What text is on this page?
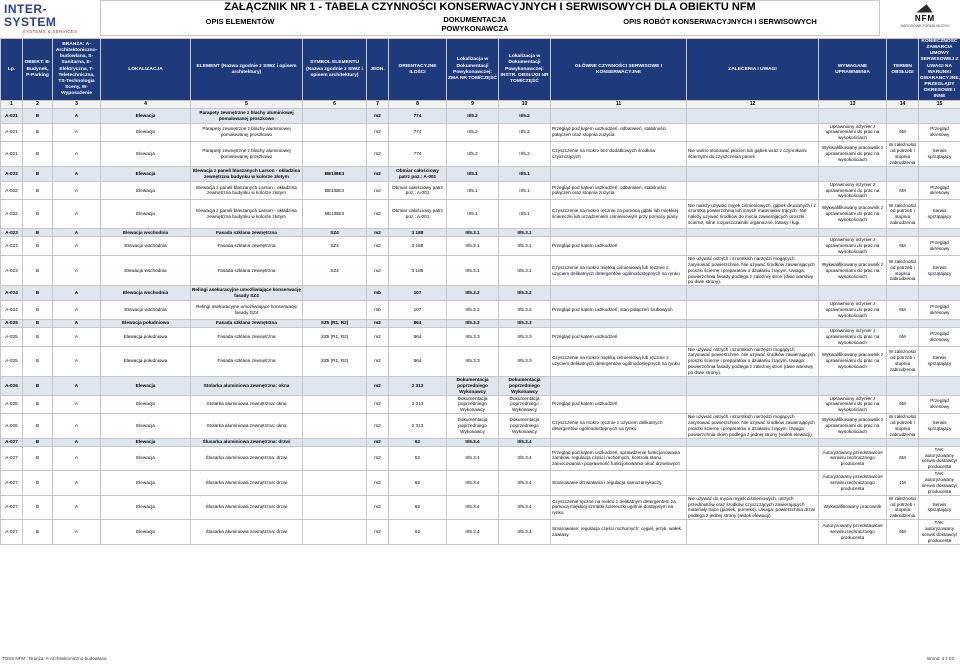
INTER-SYSTEM
SYSTEMS & SERVICES
ZAŁĄCZNIK NR 1 - TABELA CZYNNOŚCI KONSERWACYJNYCH I SERWISOWYCH DLA OBIEKTU NFM
OPIS ELEMENTÓW	DOKUMENTACJA
POWYKONAWCZA
OPIS ROBÓT KONSERWACYJNYCH I SERWISOWYCH
◢◣
NFM
NARODOWE FORUM MUZYKI
Lp.	OBIEKT: B-Budynek, P-Parking	BRANŻA: A-Architektoniczno-budowlana, S-Sanitarna, E-Elektryczna, T-Teletechniczna, TS-Technologia Sceny, W-Wyposażenie	LOKALIZACJA	ELEMENT (Nazwa zgodnie z SIWZ i opisem architektury)	SYMBOL ELEMENTU (Nazwa zgodnie z SIWZ i opisem architektury)	JEDN.	ORIENTACYJNE ILOŚCI	Lokalizacja w Dokumentacji Powykonawczej: ZMA NR TOM/CZĘŚĆ	Lokalizacja w Dokumentacji Powykonawczej: INSTR. OBSŁUGI NR TOM/CZĘŚĆ	GŁÓWNE CZYNNOŚCI SERWISOWE I KONSERWACYJNE	ZALECENIA I UWAGI	WYMAGANE UPRAWNIENIA	TERMIN OBSŁUGI	KONIECZNOŚĆ ZAWARCIA UMOWY SERWISOWEJ Z UWAGI NA WARUNKI GWARANCYJNE, PRZEGLĄDY OKRESOWE I INNE
1	2	3	4	5	6	7	8	9	10	11	12	13	14	15
A-021	B	A	Elewacja	Parapety zewnętrzne z blachy aluminiowej pomalowanej proszkowo		m2	774	II/5.2	II/5.2					
A-021	B	A	Elewacja	Parapety zewnętrzne z blachy aluminiowej pomalowanej proszkowo		m2	774	II/5.2	II/5.2	Przegląd pod kątem uszkodzeń, odbarwień, stabilności połączeń oraz stopnia zużycia		Uprawniony inżynier z uprawnieniami do prac na wysokościach	6M	Przegląd okresowy
A-021	B	A	Elewacja	Parapety zewnętrzne z blachy aluminiowej pomalowanej proszkowo		m2	774	II/5.2	II/5.2	Czyszczenie na mokro bez dodatkowych środków czyszczących	Nie wolno stosować płócien lub gąbek wraz z czynnikami ściernymi do czyszczenia paneli	Wykwalifikowany pracownik z uprawnieniami do prac na wysokościach	W zależności od potrzeb i stopnia zabrudzenia	Serwis sprzątający
A-022	B	A	Elewacja	Elewacja z paneli blaszanych Larson - okładzina zewnętrzna budynku w kolorze złotym	BE1/BE3	m2	Obmiar całościowy patrz poz.: A-001	II/5.1	II/5.1					
A-022	B	A	Elewacja	Elewacja z paneli blaszanych Larson - okładzina zewnętrzna budynku w kolorze złotym	BE1/BE3	m2	Obmiar całościowy patrz poz.: A-001	II/5.1	II/5.1	Przegląd pod kątem uszkodzeń, odbarwień, stabilności połączeń oraz stopnia zużycia		Uprawniony inżynier z uprawnieniami do prac na wysokościach	6M	Przegląd okresowy
A-022	B	A	Elewacja	Elewacja z paneli blaszanych Larson - okładzina zewnętrzna budynku w kolorze złotym	BE1/BE3	m2	Obmiar całościowy patrz poz.: A-001	II/5.1	II/5.1	Czyszczenie na mokro ręcznie za pomocą gąbki lub miękkiej ściereczki lub urządzeniem ciśnieniowym przy pomocy piany	Nie należy używać myjek ciśnieniowych, gąbek drucianych i z szorstką powierzchnią lub innych materiałów trących. Nie należy używać środków do mycia zawierających proszki ścierne, silne rozpuszczalniki organiczne, kwasy i ługi.	Wykwalifikowany pracownik z uprawnieniami do prac na wysokościach	W zależności od potrzeb i stopnia zabrudzenia	Serwis sprzątający
A-023	B	A	Elewacja wschodnia	Fasada szklana zewnętrzna	SZ4	m2	3 188	II/5.3.1	II/5.3.1					
A-023	B	A	Elewacja wschodnia	Fasada szklana zewnętrzna	SZ4	m2	3 188	II/5.3.1	II/5.3.1	Przegląd pod kątem uszkodzeń		Uprawniony inżynier z uprawnieniami do prac na wysokościach	6M	Przegląd okresowy
A-023	B	A	Elewacja wschodnia	Fasada szklana zewnętrzna	SZ4	m2	3 188	II/5.3.1	II/5.3.1	Czyszczenie na mokro miękką ciśnieniową lub ręcznie z użyciem delikatnych detergentów ogólnodostępnych na rynku	Nie używać ostrych i szorstkich narzędzi mogących zarysować powierzchnie. Nie używać środków zawierających proszki ścierne i preparatów o działaniu żrącym. Uwaga: powierzchnia fasady podlega z zależnej stron (dwie warstwy po dwie strony).	Wykwalifikowany pracownik z uprawnieniami do prac na wysokościach	W zależności od potrzeb i stopnia zabrudzenia	Serwis sprzątający
A-024	B	A	Elewacja wschodnia	Relingi asekuracyjne umożliwiające konserwację fasady SZ4		mb	107	II/5.3.2	II/5.3.2					
A-024	B	A	Elewacja wschodnia	Relingi asekuracyjne umożliwiające konserwację fasady SZ4		mb	107	II/5.3.2	II/5.3.2	Przegląd pod kątem uszkodzeń, stan połączeń śrubowych		Uprawniony inżynier z uprawnieniami do prac na wysokościach	6M	Przegląd okresowy
A-025	B	A	Elewacja południowa	Fasada szklana zewnętrzna	SZ5 (R1, R2)	m2	864	II/5.3.3	II/5.3.3					
A-025	B	A	Elewacja południowa	Fasada szklana zewnętrzna	SZ5 (R1, R2)	m2	864	II/5.3.3	II/5.3.3	Przegląd pod kątem uszkodzeń		Uprawniony inżynier z uprawnieniami do prac na wysokościach	6M	Przegląd okresowy
A-025	B	A	Elewacja południowa	Fasada szklana zewnętrzna	SZ5 (R1, R2)	m2	864	II/5.3.3	II/5.3.3	Czyszczenie na mokro miękką ciśnieniową lub ręcznie z użyciem delikatnych detergentów ogólnodostępnych na rynku	Nie używać ostrych i szorstkich narzędzi mogących zarysować powierzchnie. Nie używać środków zawierających proszki ścierne i preparatów o działaniu żrącym. Uwaga: powierzchnia fasady podlega z zależnej stron (dwie warstwy po dwie strony).	Wykwalifikowany pracownik z uprawnieniami do prac na wysokościach	W zależności od potrzeb i stopnia zabrudzenia	Serwis sprzątający
A-026	B	A	Elewacja	Stolarka aluminiowa zewnętrzna: okna		m2	2 313	Dokumentacja poprzedniego Wykonawcy	Dokumentacja poprzedniego Wykonawcy					
A-026	B	A	Elewacja	Stolarka aluminiowa zewnętrzna: okna		m2	2 313	Dokumentacja poprzedniego Wykonawcy	Dokumentacja poprzedniego Wykonawcy	Przegląd pod kątem uszkodzeń		Uprawniony inżynier z uprawnieniami do prac na wysokościach	6M	Przegląd okresowy
A-026	B	A	Elewacja	Stolarka aluminiowa zewnętrzna: okna		m2	2 313	Dokumentacja poprzedniego Wykonawcy	Dokumentacja poprzedniego Wykonawcy	Czyszczenie na mokro ręcznie z użyciem delikatnych detergentów ogólnodostępnych na rynku	Nie używać ostrych i szorstkich narzędzi mogących zarysować powierzchnie. Nie używać środków zawierających proszki ścierne i preparatów o działaniu żrącym. Uwaga: powierzchnia okien podlega z jednej strony (widok elewacji)	Wykwalifikowany pracownik z uprawnieniami do prac na wysokościach	W zależności od potrzeb i stopnia zabrudzenia	Serwis sprzątający
A-027	B	A	Elewacja	Ślusarka aluminiowa zewnętrzna: drzwi		m2	62	II/5.3.4	II/5.3.4					
A-027	B	A	Elewacja	Ślusarka aluminiowa zewnętrzna: drzwi		m2	62	II/5.3.4	II/5.3.4	Przegląd pod kątem uszkodzeń, sprawdzenie funkcjonowania zamków, regulacja części ruchomych, kontrola stanu zamocowania i poprawność funkcjonowania okuć drzwiowych		Autoryzowany przedstawiciel serwisu technicznego producenta	6M	TAK: autoryzowany serwis dostawcy/ producenta
A-027	B	A	Elewacja	Ślusarka aluminiowa zewnętrzna: drzwi		m2	62	II/5.3.4	II/5.3.4	Smarowanie drzwiałania i regulacja samozamykaczy		Autoryzowany przedstawiciel serwisu technicznego producenta	1M	TAK: autoryzowany serwis dostawcy/ producenta
A-027	B	A	Elewacja	Ślusarka aluminiowa zewnętrzna: drzwi		m2	62	II/5.3.4	II/5.3.4	Czyszczenie ręczne na mokro z delikatnym detergentem za pomocą miękkiej szmatki ściereczki ogólnie dostępnym na rynku	Nie używać do mycia myjek ciśnieniowych, ostrych przedmiotów oraz środków czyszczących zawierających materiały trące (piasek, pumeks). Uwaga: powierzchnia drzwi podlega z jednej strony (widok elewacji)	Wykwalifikowany pracownik	W zależności od potrzeb i stopnia zabrudzenia	Serwis sprzątający
A-027	B	A	Elewacja	Ślusarka aluminiowa zewnętrzna: drzwi		m2	62	II/5.3.4	II/5.3.4	Smarowanie: regulacja części ruchomych: cęgiel, jezyk, wałek, zawiasy		Autoryzowany przedstawiciel serwisu technicznego producenta	6M	TAK: autoryzowany serwis dostawcy/ producenta
TOSS NFM - Branża: A-Architektoniczno-budowlana	strona: 4 z 53
